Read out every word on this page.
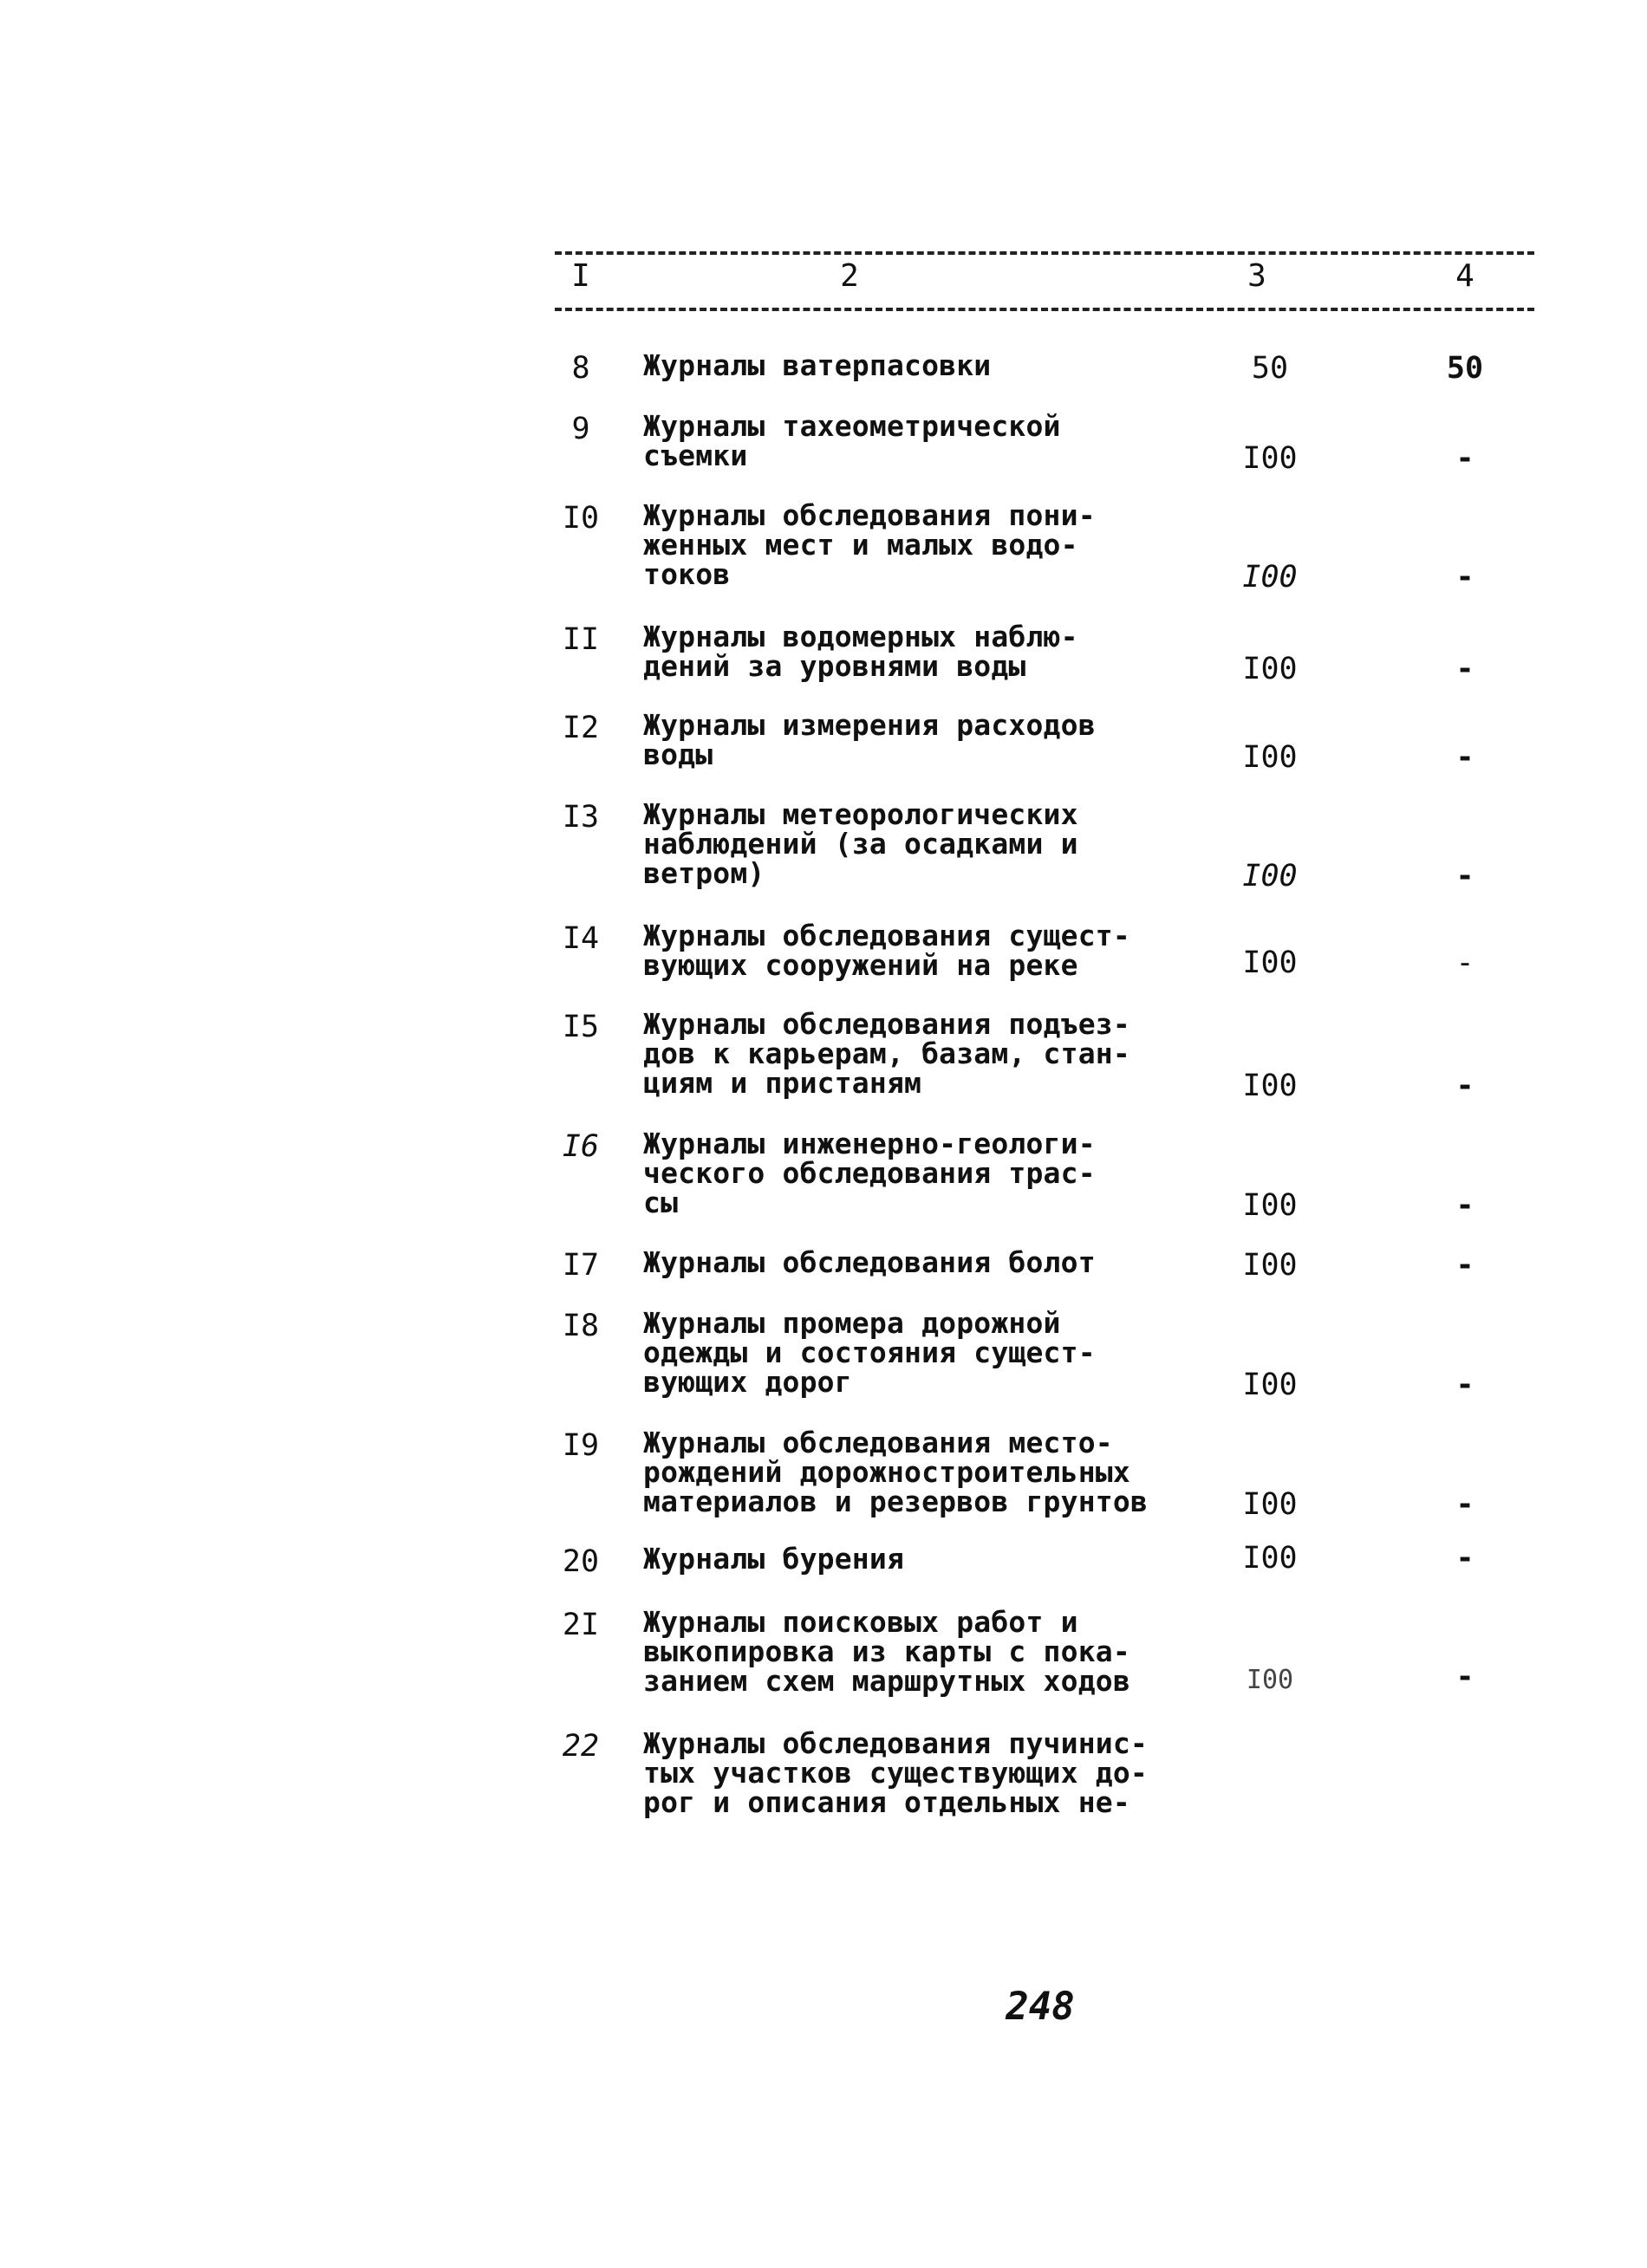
I	2	3	4
8	Журналы ватерпасовки	50	50
9	Журналы тахеометрической
съемки	I00	-
I0	Журналы обследования пони-
женных мест и малых водо-
токов	I00	-
II	Журналы водомерных наблю-
дений за уровнями воды	I00	-
I2	Журналы измерения расходов
воды	I00	-
I3	Журналы метеорологических
наблюдений (за осадками и
ветром)	I00	-
I4	Журналы обследования сущест-
вующих сооружений на реке	I00	-
I5	Журналы обследования подъез-
дов к карьерам, базам, стан-
циям и пристаням	I00	-
I6	Журналы инженерно-геологи-
ческого обследования трас-
сы	I00	-
I7	Журналы обследования болот	I00	-
I8	Журналы промера дорожной
одежды и состояния сущест-
вующих дорог	I00	-
I9	Журналы обследования место-
рождений дорожностроительных
материалов и резервов грунтов	I00	-
20	Журналы бурения	I00	-
2I	Журналы поисковых работ и
выкопировка из карты с пока-
занием схем маршрутных ходов	I00	-
22	Журналы обследования пучинис-
тых участков существующих до-
рог и описания отдельных не-
248
